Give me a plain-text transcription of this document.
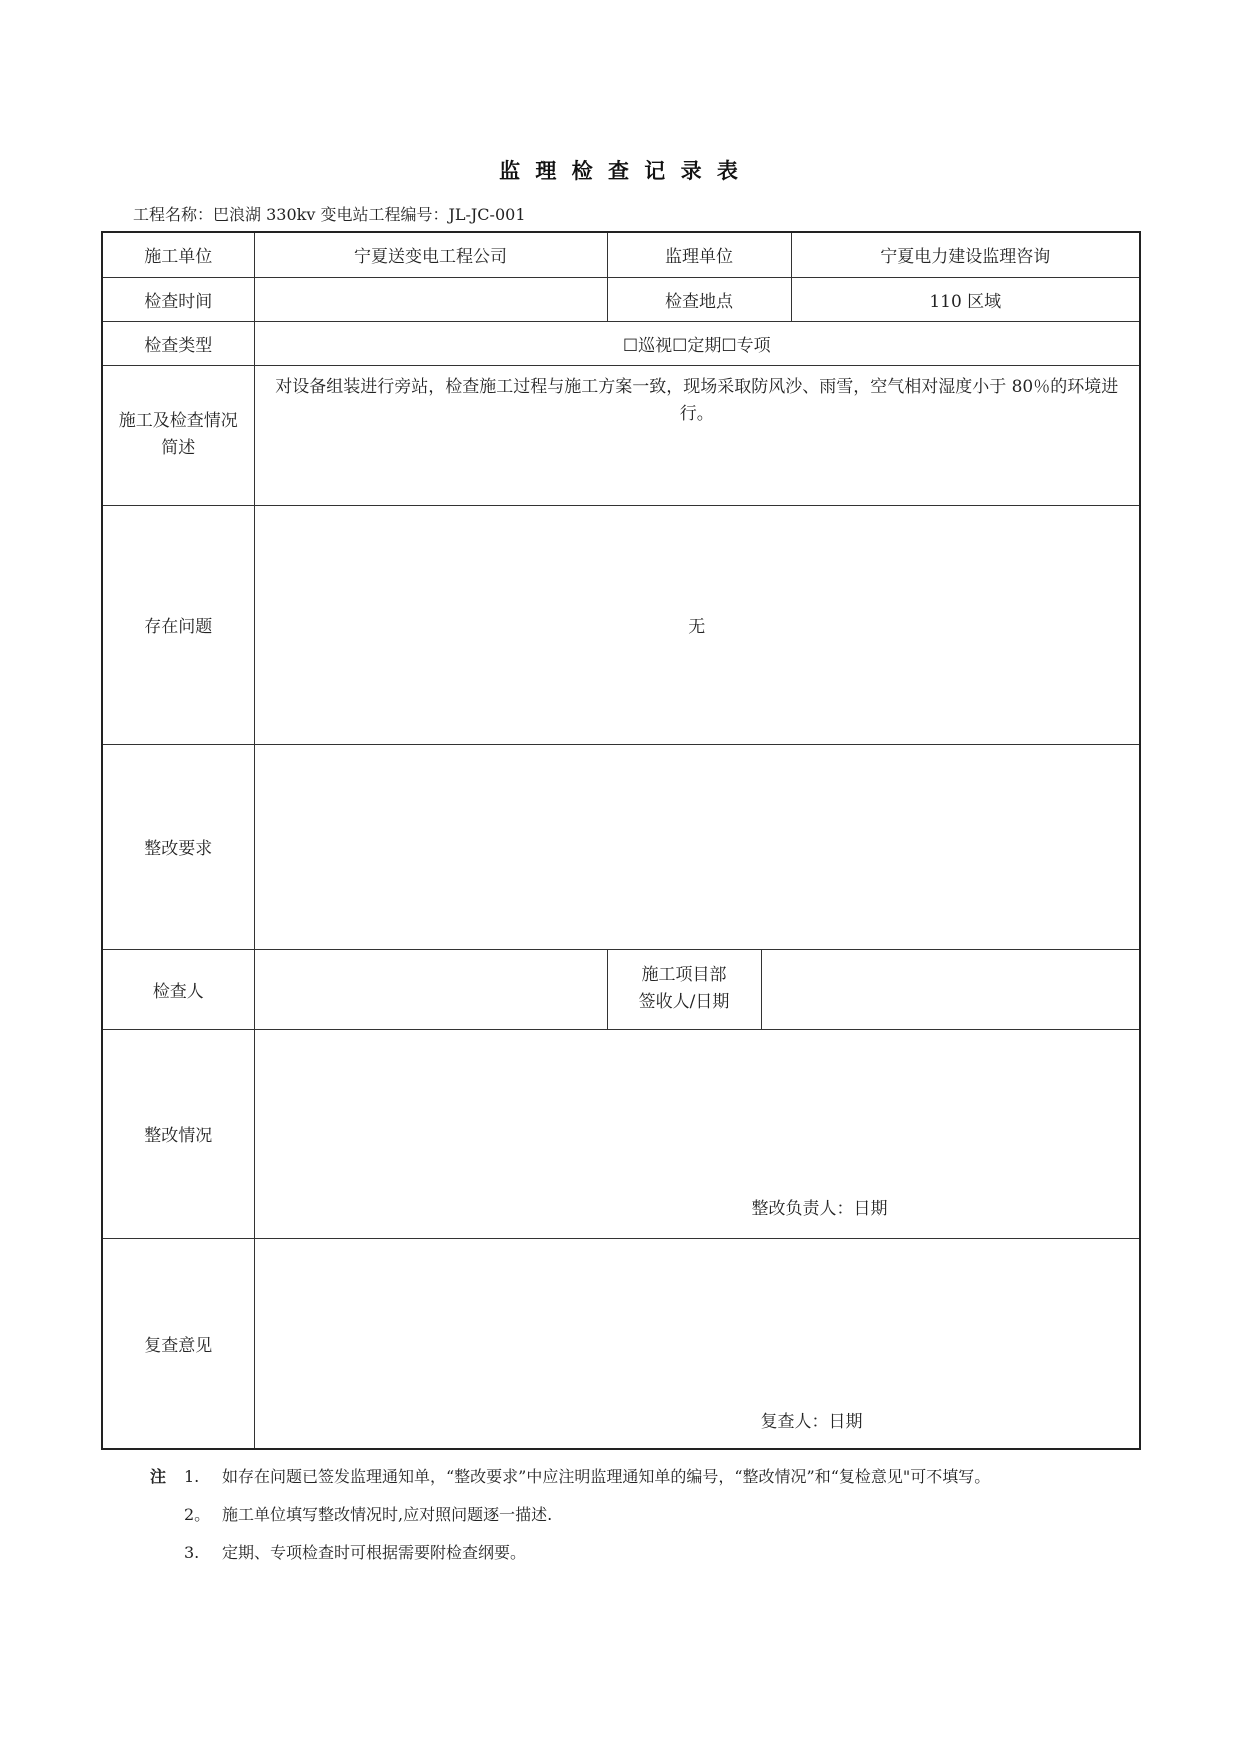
监 理 检 查 记 录 表
工程名称：巴浪湖 330kv 变电站工程编号：JL-JC-001
施工单位	宁夏送变电工程公司	监理单位		宁夏电力建设监理咨询
检查时间		检查地点		110 区域
检查类型	☐巡视☐定期☐专项			

施工及检查情况
简述	对设备组装进行旁站，检查施工过程与施工方案一致，现场采取防风沙、雨雪，空气相对湿度小于 80％的环境进行。			
存在问题	无			
整改要求				
检查人		施工项目部
签收人/日期		

整改情况	整改负责人：日期			

复查意见	复查人：日期			
注	1.	如存在问题已签发监理通知单，“整改要求”中应注明监理通知单的编号，“整改情况”和“复检意见"可不填写。
2。 施工单位填写整改情况时,应对照问题逐一描述.
3.	定期、专项检查时可根据需要附检查纲要。
